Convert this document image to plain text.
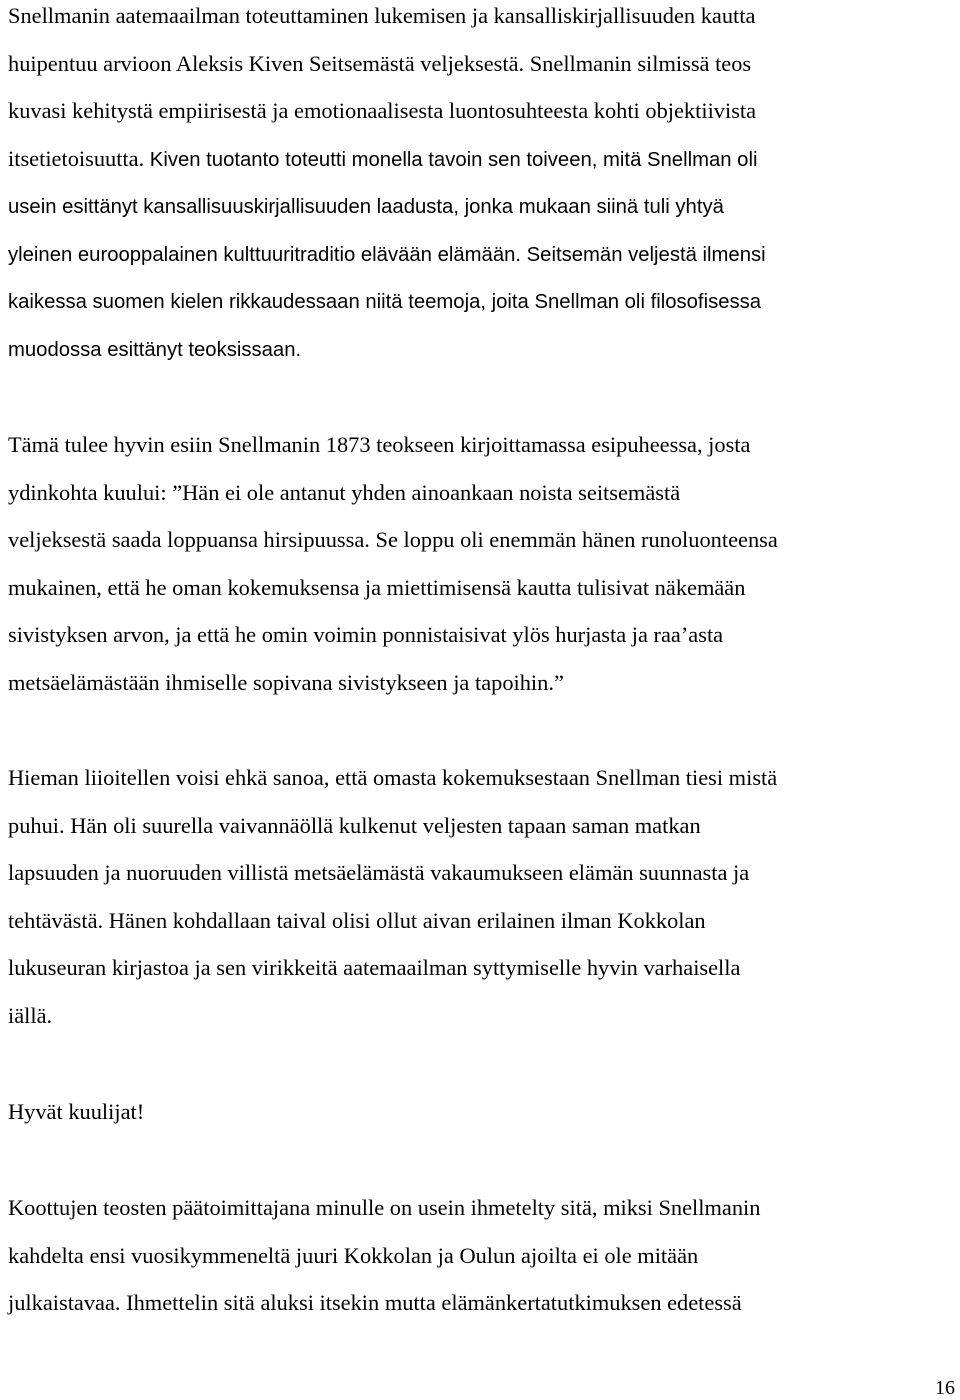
Snellmanin aatemaailman toteuttaminen lukemisen ja kansalliskirjallisuuden kautta
huipentuu arvioon Aleksis Kiven Seitsemästä veljeksestä. Snellmanin silmissä teos
kuvasi kehitystä empiirisestä ja emotionaalisesta luontosuhteesta kohti objektiivista
itsetietoisuutta. Kiven tuotanto toteutti monella tavoin sen toiveen, mitä Snellman oli
usein esittänyt kansallisuuskirjallisuuden laadusta, jonka mukaan siinä tuli yhtyä
yleinen eurooppalainen kulttuuritraditio elävään elämään. Seitsemän veljestä ilmensi
kaikessa suomen kielen rikkaudessaan niitä teemoja, joita Snellman oli filosofisessa
muodossa esittänyt teoksissaan.
Tämä tulee hyvin esiin Snellmanin 1873 teokseen kirjoittamassa esipuheessa, josta
ydinkohta kuului: ”Hän ei ole antanut yhden ainoankaan noista seitsemästä
veljeksestä saada loppuansa hirsipuussa. Se loppu oli enemmän hänen runoluonteensa
mukainen, että he oman kokemuksensa ja miettimisensä kautta tulisivat näkemään
sivistyksen arvon, ja että he omin voimin ponnistaisivat ylös hurjasta ja raa’asta
metsäelämästään ihmiselle sopivana sivistykseen ja tapoihin.”
Hieman liioitellen voisi ehkä sanoa, että omasta kokemuksestaan Snellman tiesi mistä
puhui. Hän oli suurella vaivannäöllä kulkenut veljesten tapaan saman matkan
lapsuuden ja nuoruuden villistä metsäelämästä vakaumukseen elämän suunnasta ja
tehtävästä. Hänen kohdallaan taival olisi ollut aivan erilainen ilman Kokkolan
lukuseuran kirjastoa ja sen virikkeitä aatemaailman syttymiselle hyvin varhaisella
iällä.
Hyvät kuulijat!
Koottujen teosten päätoimittajana minulle on usein ihmetelty sitä, miksi Snellmanin
kahdelta ensi vuosikymmeneltä juuri Kokkolan ja Oulun ajoilta ei ole mitään
julkaistavaa. Ihmettelin sitä aluksi itsekin mutta elämänkertatutkimuksen edetessä
16
